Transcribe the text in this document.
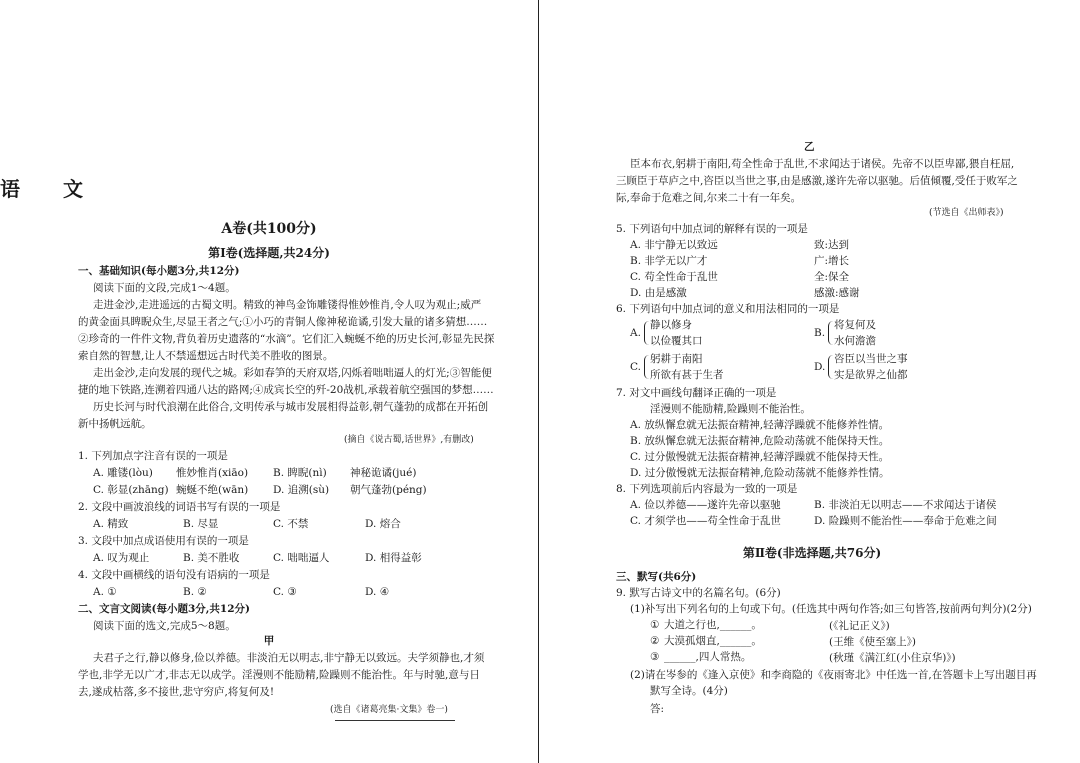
语 文
A卷(共100分)
第Ⅰ卷(选择题,共24分)
一、基础知识(每小题3分,共12分)
阅读下面的文段,完成1～4题。
走进金沙,走进遥远的古蜀文明。精致的神鸟金饰雕镂得惟妙惟肖,令人叹为观止;威严
的黄金面具睥睨众生,尽显王者之气;①小巧的青铜人像神秘诡谲,引发大量的诸多猜想……
②珍奇的一件件文物,背负着历史遗落的“水滴”。它们汇入蜿蜒不绝的历史长河,彰显先民探
索自然的智慧,让人不禁遥想远古时代美不胜收的图景。
走出金沙,走向发展的现代之城。彩如春笋的天府双塔,闪烁着咄咄逼人的灯光;③智能便
捷的地下铁路,连溯着四通八达的路网;④成宾长空的歼-20战机,承载着航空强国的梦想……
历史长河与时代浪潮在此俗合,文明传承与城市发展相得益彰,朝气蓬勃的成都在开拓创
新中扬帆远航。
(摘自《说古蜀,话世界》,有删改)
1. 下列加点字注音有误的一项是
A. 雕镂(lòu) 惟妙惟肖(xiāo) B. 睥睨(nì) 神秘诡谲(jué)
C. 彰显(zhāng) 蜿蜒不绝(wān) D. 追溯(sù) 朝气蓬勃(péng)
2. 文段中画波浪线的词语书写有误的一项是
A. 精致	B. 尽显	C. 不禁	D. 熔合
3. 文段中加点成语使用有误的一项是
A. 叹为观止	B. 美不胜收	C. 咄咄逼人	D. 相得益彰
4. 文段中画横线的语句没有语病的一项是
A. ①	B. ②	C. ③	D. ④
二、文言文阅读(每小题3分,共12分)
阅读下面的选文,完成5～8题。
甲
夫君子之行,静以修身,俭以养德。非淡泊无以明志,非宁静无以致远。夫学须静也,才须
学也,非学无以广才,非志无以成学。淫漫则不能励精,险躁则不能治性。年与时驰,意与日
去,遂成枯落,多不接世,悲守穷庐,将复何及!
(选自《诸葛亮集·文集》卷一)
乙
臣本布衣,躬耕于南阳,苟全性命于乱世,不求闻达于诸侯。先帝不以臣卑鄙,猥自枉屈,
三顾臣于草庐之中,咨臣以当世之事,由是感激,遂许先帝以驱驰。后值倾覆,受任于败军之
际,奉命于危难之间,尔来二十有一年矣。
(节选自《出师表》)
5. 下列语句中加点词的解释有误的一项是
A. 非宁静无以致远	致:达到
B. 非学无以广才	广:增长
C. 苟全性命于乱世	全:保全
D. 由是感激	感激:感谢
6. 下列语句中加点词的意义和用法相同的一项是
A.
静以修身
以俭覆其口
B.
将复何及
水何澹澹
C.
躬耕于南阳
所欲有甚于生者
D.
咨臣以当世之事
实是欲界之仙都
7. 对文中画线句翻译正确的一项是
淫漫则不能励精,险躁则不能治性。
A. 放纵懈怠就无法振奋精神,轻薄浮躁就不能修养性情。
B. 放纵懈怠就无法振奋精神,危险动荡就不能保持天性。
C. 过分傲慢就无法振奋精神,轻薄浮躁就不能保持天性。
D. 过分傲慢就无法振奋精神,危险动荡就不能修养性情。
8. 下列选项前后内容最为一致的一项是
A. 俭以养德——遂许先帝以驱驰	B. 非淡泊无以明志——不求闻达于诸侯
C. 才须学也——苟全性命于乱世	D. 险躁则不能治性——奉命于危难之间
第Ⅱ卷(非选择题,共76分)
三、默写(共6分)
9. 默写古诗文中的名篇名句。(6分)
(1)补写出下列名句的上句或下句。(任选其中两句作答;如三句皆答,按前两句判分)(2分)
① 大道之行也,______。	(《礼记正义》)
② 大漠孤烟直,______。	(王维《使至塞上》)
③ ______,四人常热。	(秋瑾《满江红(小住京华)》)
(2)请在岑参的《逢入京使》和李商隐的《夜雨寄北》中任选一首,在答题卡上写出题目再
默写全诗。(4分)
答:
